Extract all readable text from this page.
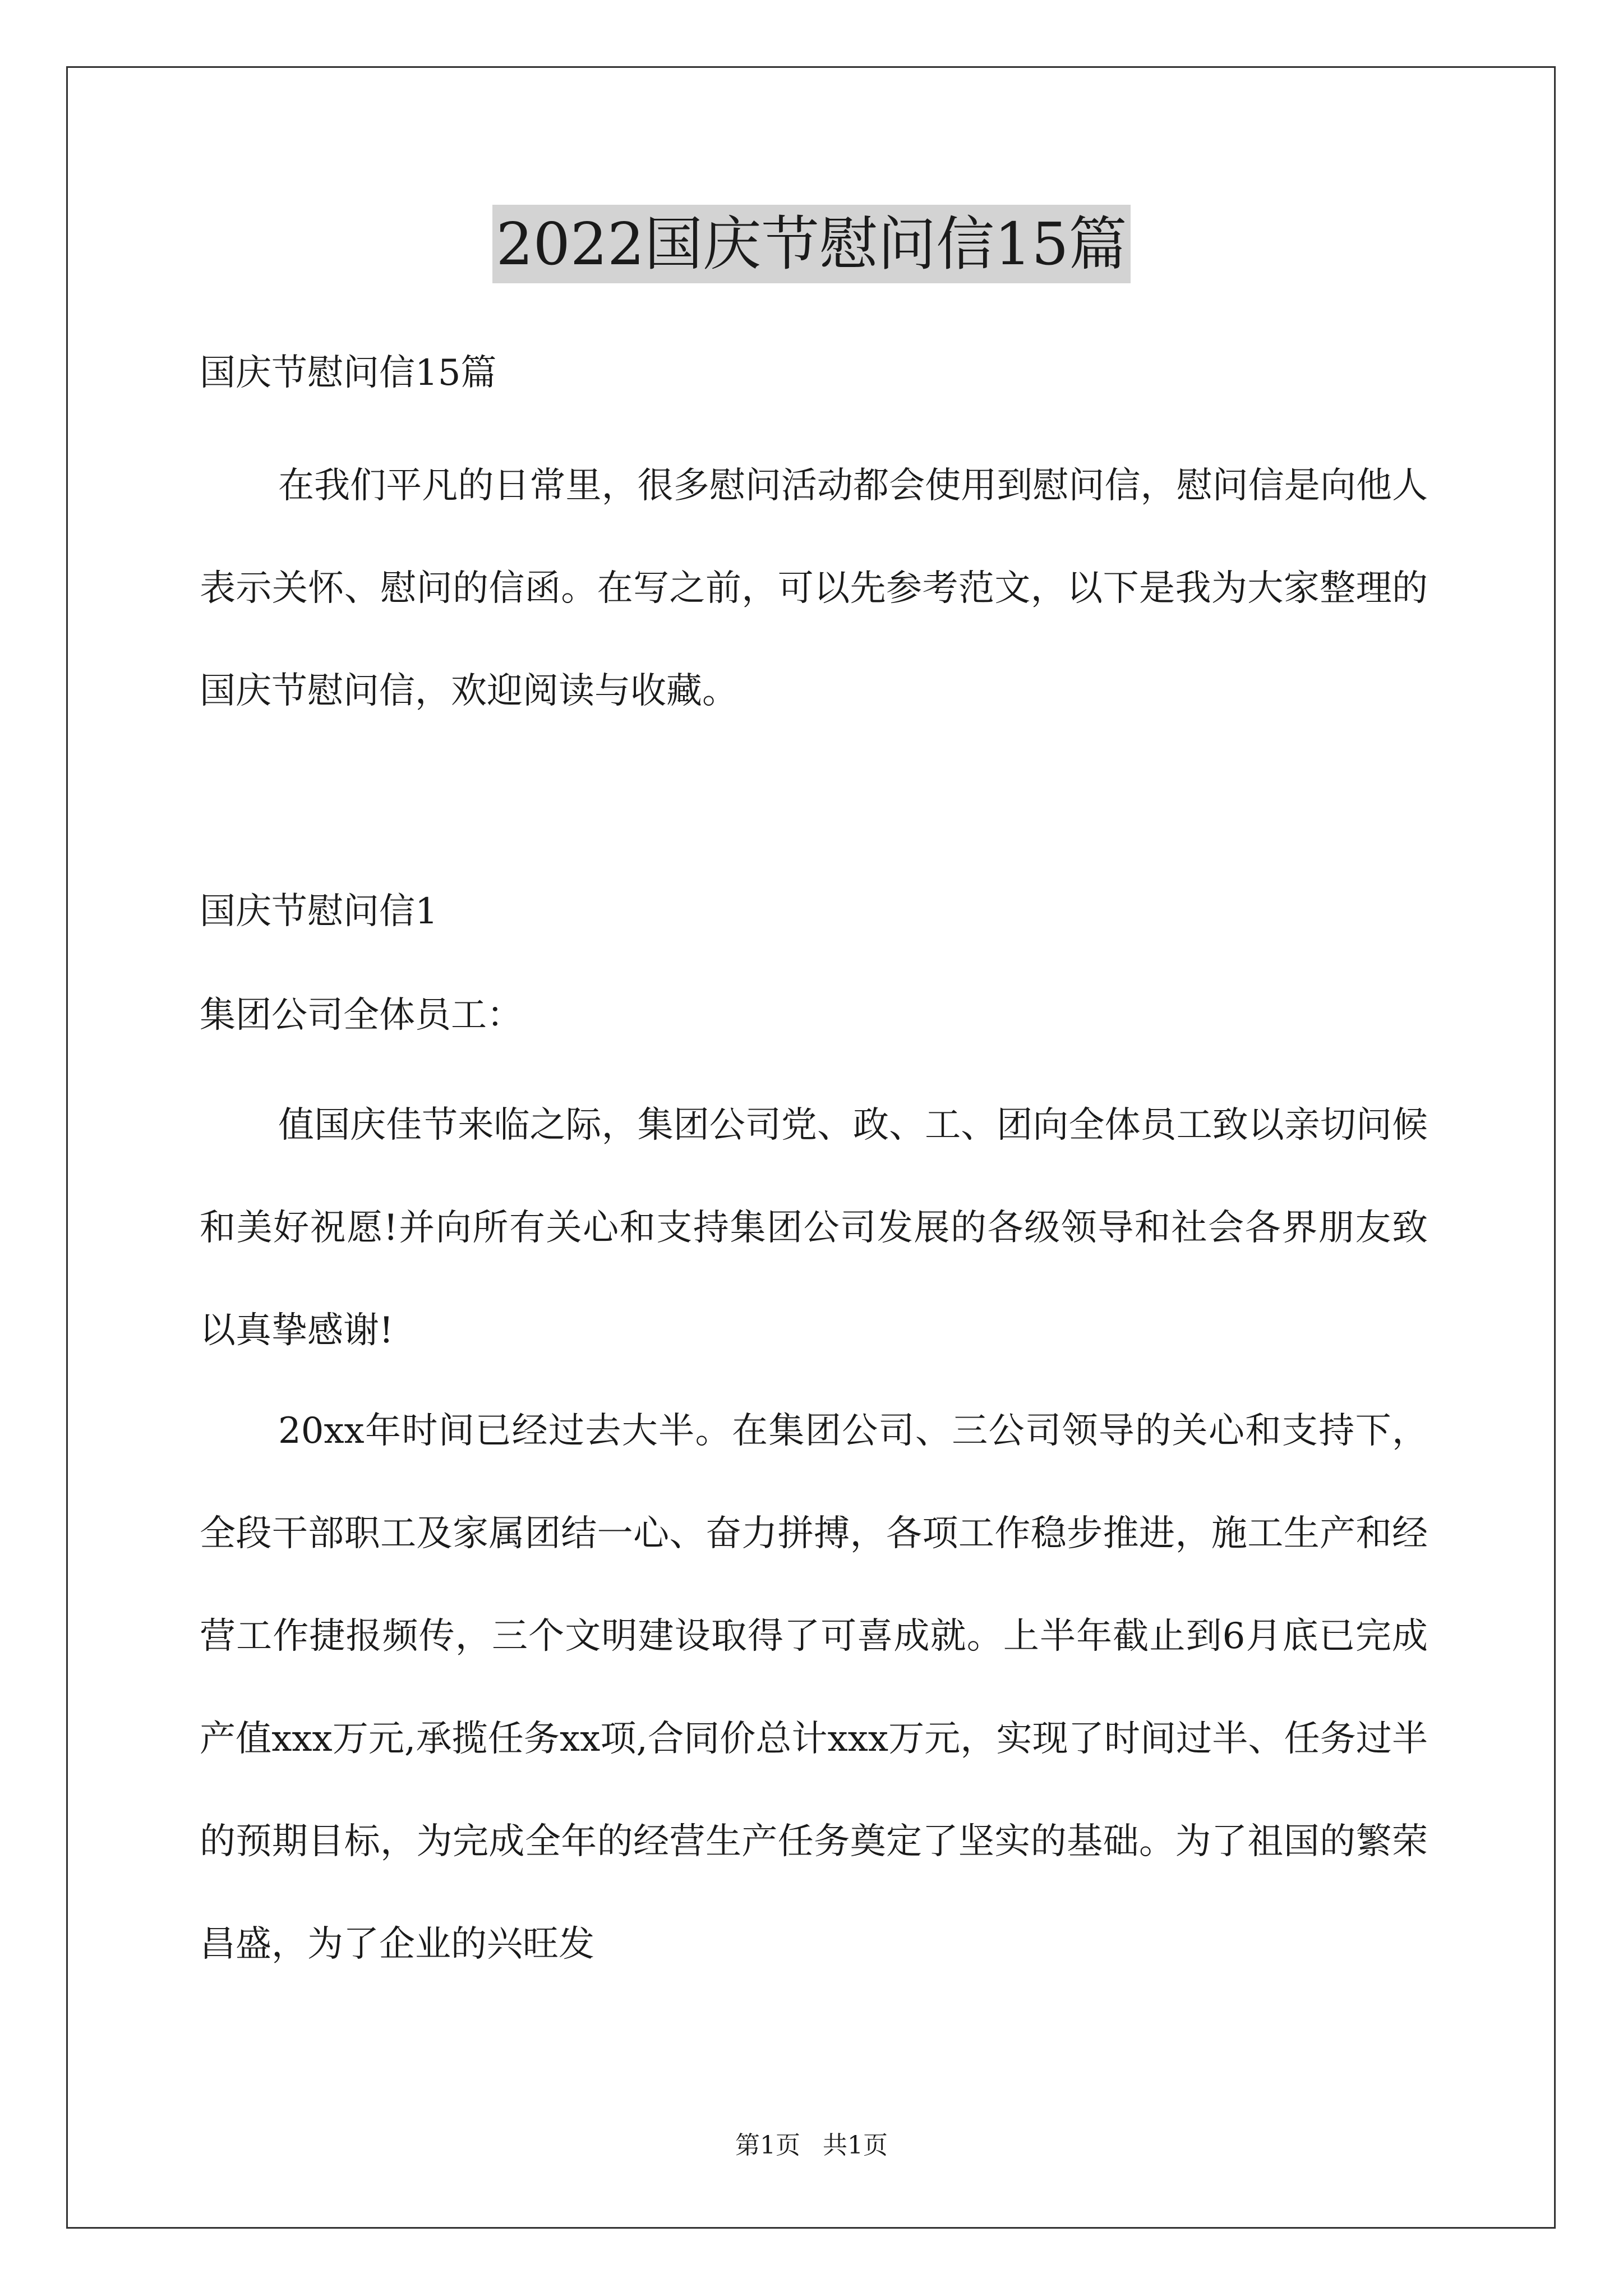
2022国庆节慰问信15篇

国庆节慰问信15篇

在我们平凡的日常里，很多慰问活动都会使用到慰问信，慰问信是向他人表示关怀、慰问的信函。在写之前，可以先参考范文，以下是我为大家整理的国庆节慰问信，欢迎阅读与收藏。

国庆节慰问信1

集团公司全体员工：

值国庆佳节来临之际，集团公司党、政、工、团向全体员工致以亲切问候和美好祝愿!并向所有关心和支持集团公司发展的各级领导和社会各界朋友致以真挚感谢!

20xx年时间已经过去大半。在集团公司、三公司领导的关心和支持下，全段干部职工及家属团结一心、奋力拼搏，各项工作稳步推进，施工生产和经营工作捷报频传，三个文明建设取得了可喜成就。上半年截止到6月底已完成产值xxx万元,承揽任务xx项,合同价总计xxx万元，实现了时间过半、任务过半的预期目标，为完成全年的经营生产任务奠定了坚实的基础。为了祖国的繁荣昌盛，为了企业的兴旺发

第1页 共1页
